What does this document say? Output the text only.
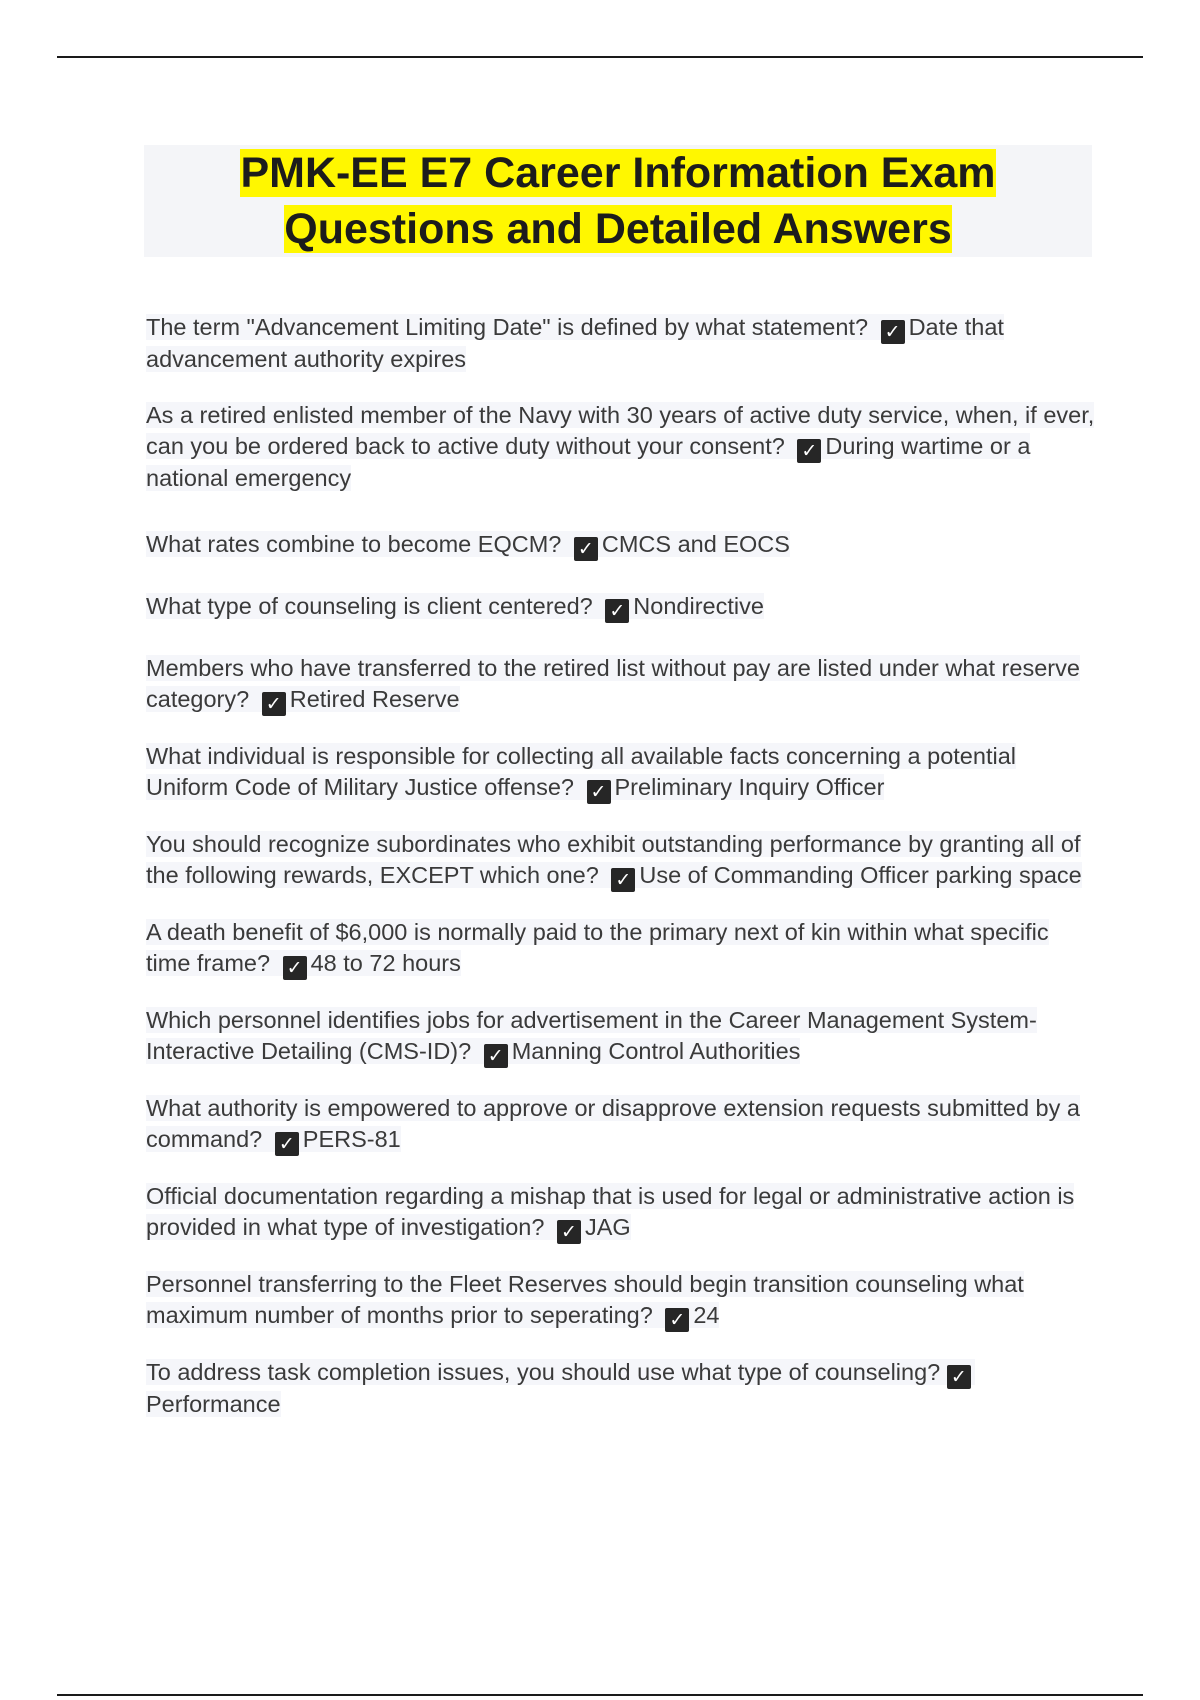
PMK-EE E7 Career Information Exam
Questions and Detailed Answers
The term "Advancement Limiting Date" is defined by what statement? ✓ Date that advancement authority expires
As a retired enlisted member of the Navy with 30 years of active duty service, when, if ever, can you be ordered back to active duty without your consent? ✓ During wartime or a national emergency
What rates combine to become EQCM? ✓ CMCS and EOCS
What type of counseling is client centered? ✓ Nondirective
Members who have transferred to the retired list without pay are listed under what reserve category? ✓ Retired Reserve
What individual is responsible for collecting all available facts concerning a potential Uniform Code of Military Justice offense? ✓ Preliminary Inquiry Officer
You should recognize subordinates who exhibit outstanding performance by granting all of the following rewards, EXCEPT which one? ✓ Use of Commanding Officer parking space
A death benefit of $6,000 is normally paid to the primary next of kin within what specific time frame? ✓ 48 to 72 hours
Which personnel identifies jobs for advertisement in the Career Management System-Interactive Detailing (CMS-ID)? ✓ Manning Control Authorities
What authority is empowered to approve or disapprove extension requests submitted by a command? ✓ PERS-81
Official documentation regarding a mishap that is used for legal or administrative action is provided in what type of investigation? ✓ JAG
Personnel transferring to the Fleet Reserves should begin transition counseling what maximum number of months prior to seperating? ✓ 24
To address task completion issues, you should use what type of counseling? ✓Performance
